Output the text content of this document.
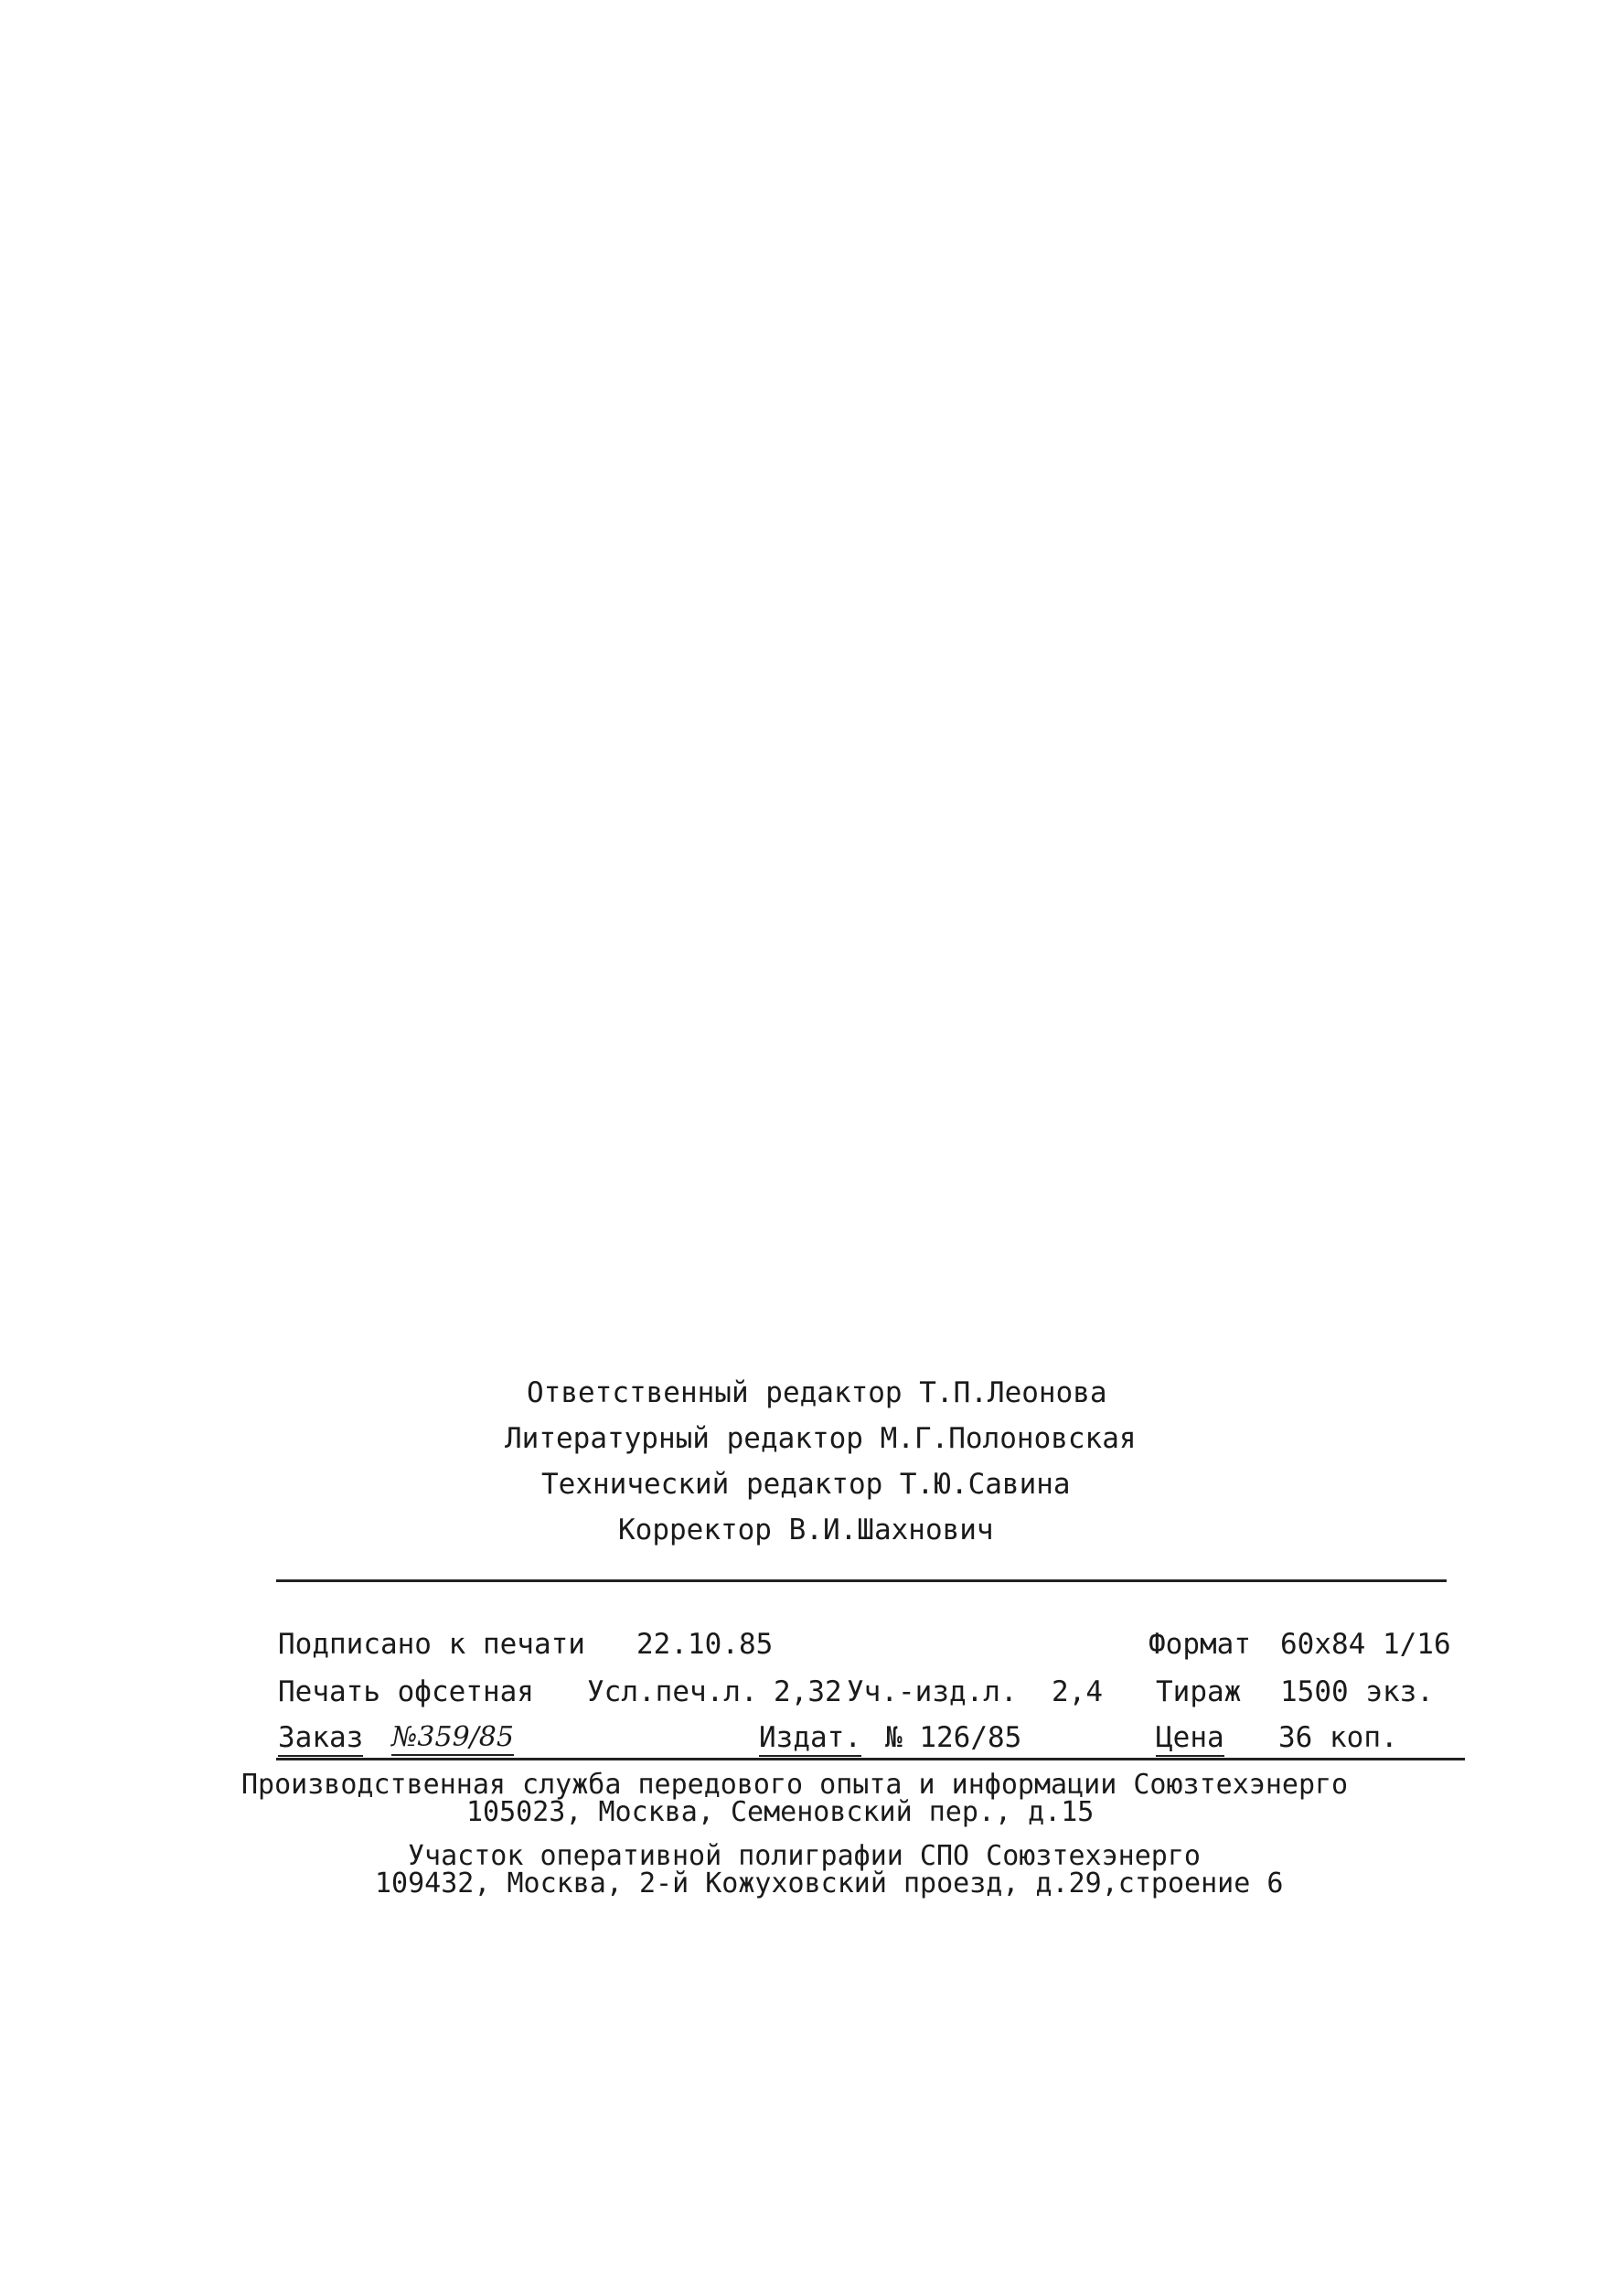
Ответственный редактор Т.П.Леонова
Литературный редактор М.Г.Полоновская
Технический редактор Т.Ю.Савина
Корректор В.И.Шахнович
Подписано к печати 22.10.85	Формат 60х84 1/16
Печать офсетная Усл.печ.л. 2,32 Уч.-изд.л. 2,4 Тираж 1500 экз.
Заказ №359/85	Издат. № 126/85	Цена 36 коп.
Производственная служба передового опыта и информации Союзтехэнерго
105023, Москва, Семеновский пер., д.15
Участок оперативной полиграфии СПО Союзтехэнерго
109432, Москва, 2-й Кожуховский проезд, д.29,строение 6
